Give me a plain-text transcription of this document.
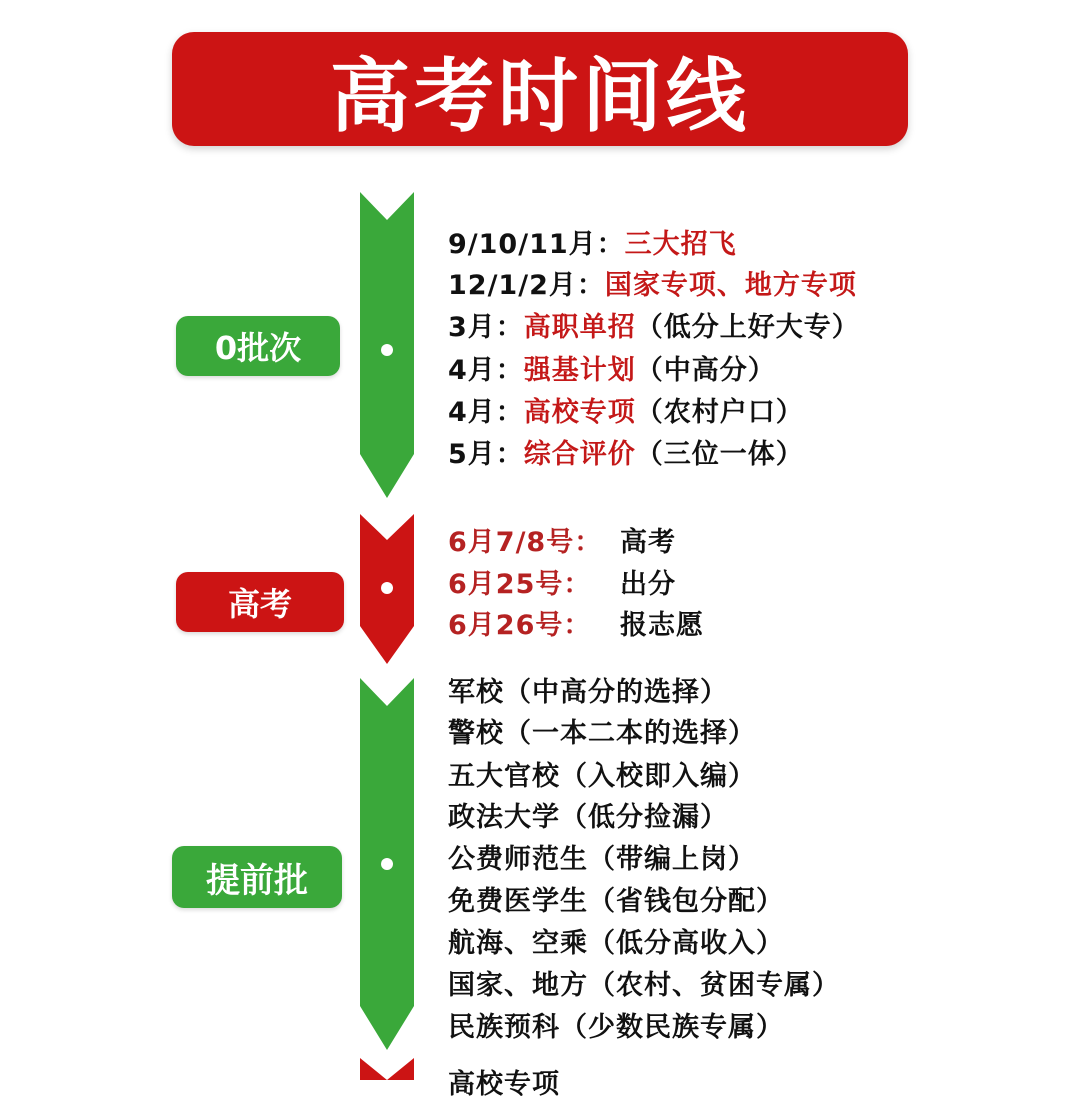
高考时间线
0批次
9/10/11月：三大招飞
12/1/2月：国家专项、地方专项
3月：高职单招（低分上好大专）
4月：强基计划（中高分）
4月：高校专项（农村户口）
5月：综合评价（三位一体）
高考
6月7/8号： 高考
6月25号： 出分
6月26号： 报志愿
提前批
军校（中高分的选择）
警校（一本二本的选择）
五大官校（入校即入编）
政法大学（低分捡漏）
公费师范生（带编上岗）
免费医学生（省钱包分配）
航海、空乘（低分高收入）
国家、地方（农村、贫困专属）
民族预科（少数民族专属）
高校专项
